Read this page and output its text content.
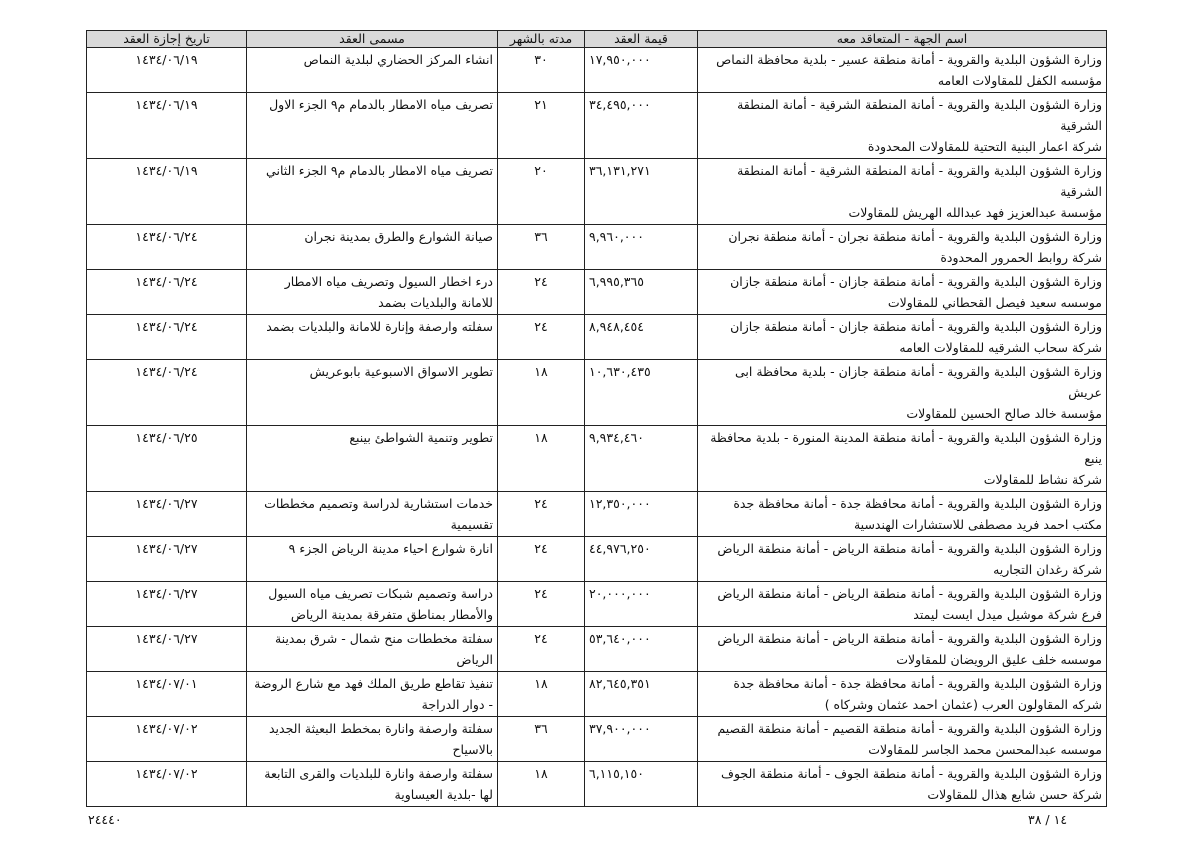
اسم الجهة - المتعاقد معه	قيمة العقد	مدته بالشهر	مسمى العقد	تاريخ إجازة العقد

وزارة الشؤون البلدية والقروية - أمانة منطقة عسير - بلدية محافظة النماص
مؤسسه الكفل للمقاولات العامه	١٧,٩٥٠,٠٠٠	٣٠	انشاء المركز الحضاري لبلدية النماص	١٤٣٤/٠٦/١٩

وزارة الشؤون البلدية والقروية - أمانة المنطقة الشرقية - أمانة المنطقة الشرقية
شركة اعمار البنية التحتية للمقاولات المحدودة	٣٤,٤٩٥,٠٠٠	٢١	تصريف مياه الامطار بالدمام م٩ الجزء الاول	١٤٣٤/٠٦/١٩

وزارة الشؤون البلدية والقروية - أمانة المنطقة الشرقية - أمانة المنطقة الشرقية
مؤسسة عبدالعزيز فهد عبدالله الهريش للمقاولات	٣٦,١٣١,٢٧١	٢٠	تصريف مياه الامطار بالدمام م٩ الجزء الثاني	١٤٣٤/٠٦/١٩

وزارة الشؤون البلدية والقروية - أمانة منطقة نجران - أمانة منطقة نجران
شركة روابط الحمرور المحدودة	٩,٩٦٠,٠٠٠	٣٦	صيانة الشوارع والطرق بمدينة نجران	١٤٣٤/٠٦/٢٤

وزارة الشؤون البلدية والقروية - أمانة منطقة جازان - أمانة منطقة جازان
موسسه سعيد فيصل القحطاني للمقاولات	٦,٩٩٥,٣٦٥	٢٤	درء اخطار السيول وتصريف مياه الامطار للامانة والبلديات بضمد	١٤٣٤/٠٦/٢٤

وزارة الشؤون البلدية والقروية - أمانة منطقة جازان - أمانة منطقة جازان
شركة سحاب الشرقيه للمقاولات العامه	٨,٩٤٨,٤٥٤	٢٤	سفلته وارصفة وإنارة للامانة والبلديات بضمد	١٤٣٤/٠٦/٢٤

وزارة الشؤون البلدية والقروية - أمانة منطقة جازان - بلدية محافظة ابى عريش
مؤسسة خالد صالح الحسين للمقاولات	١٠,٦٣٠,٤٣٥	١٨	تطوير الاسواق الاسبوعية بابوعريش	١٤٣٤/٠٦/٢٤

وزارة الشؤون البلدية والقروية - أمانة منطقة المدينة المنورة - بلدية محافظة ينبع
شركة نشاط للمقاولات	٩,٩٣٤,٤٦٠	١٨	تطوير وتنمية الشواطئ بينبع	١٤٣٤/٠٦/٢٥

وزارة الشؤون البلدية والقروية - أمانة محافظة جدة - أمانة محافظة جدة
مكتب احمد فريد مصطفى للاستشارات الهندسية	١٢,٣٥٠,٠٠٠	٢٤	خدمات استشارية لدراسة وتصميم مخططات تقسيمية	١٤٣٤/٠٦/٢٧

وزارة الشؤون البلدية والقروية - أمانة منطقة الرياض - أمانة منطقة الرياض
شركة رغدان التجاريه	٤٤,٩٧٦,٢٥٠	٢٤	انارة شوارع احياء مدينة الرياض الجزء ٩	١٤٣٤/٠٦/٢٧

وزارة الشؤون البلدية والقروية - أمانة منطقة الرياض - أمانة منطقة الرياض
فرع شركة موشيل ميدل ايست ليمتد	٢٠,٠٠٠,٠٠٠	٢٤	دراسة وتصميم شبكات تصريف مياه السيول والأمطار بمناطق متفرقة بمدينة الرياض	١٤٣٤/٠٦/٢٧

وزارة الشؤون البلدية والقروية - أمانة منطقة الرياض - أمانة منطقة الرياض
موسسه خلف عليق الرويضان للمقاولات	٥٣,٦٤٠,٠٠٠	٢٤	سفلتة مخططات منح شمال - شرق بمدينة الرياض	١٤٣٤/٠٦/٢٧

وزارة الشؤون البلدية والقروية - أمانة محافظة جدة - أمانة محافظة جدة
شركه المقاولون العرب (عثمان احمد عثمان وشركاه )	٨٢,٦٤٥,٣٥١	١٨	تنفيذ تقاطع طريق الملك فهد مع شارع الروضة - دوار الدراجة	١٤٣٤/٠٧/٠١

وزارة الشؤون البلدية والقروية - أمانة منطقة القصيم - أمانة منطقة القصيم
موسسه عبدالمحسن محمد الجاسر للمقاولات	٣٧,٩٠٠,٠٠٠	٣٦	سفلتة وارصفة وانارة بمخطط البعيثة الجديد بالاسياح	١٤٣٤/٠٧/٠٢

وزارة الشؤون البلدية والقروية - أمانة منطقة الجوف - أمانة منطقة الجوف
شركة حسن شايع هذال للمقاولات	٦,١١٥,١٥٠	١٨	سفلتة وارصفة وانارة للبلديات والقرى التابعة لها -بلدية العيساوية	١٤٣٤/٠٧/٠٢
١٤ / ٣٨
٢٤٤٤٠
